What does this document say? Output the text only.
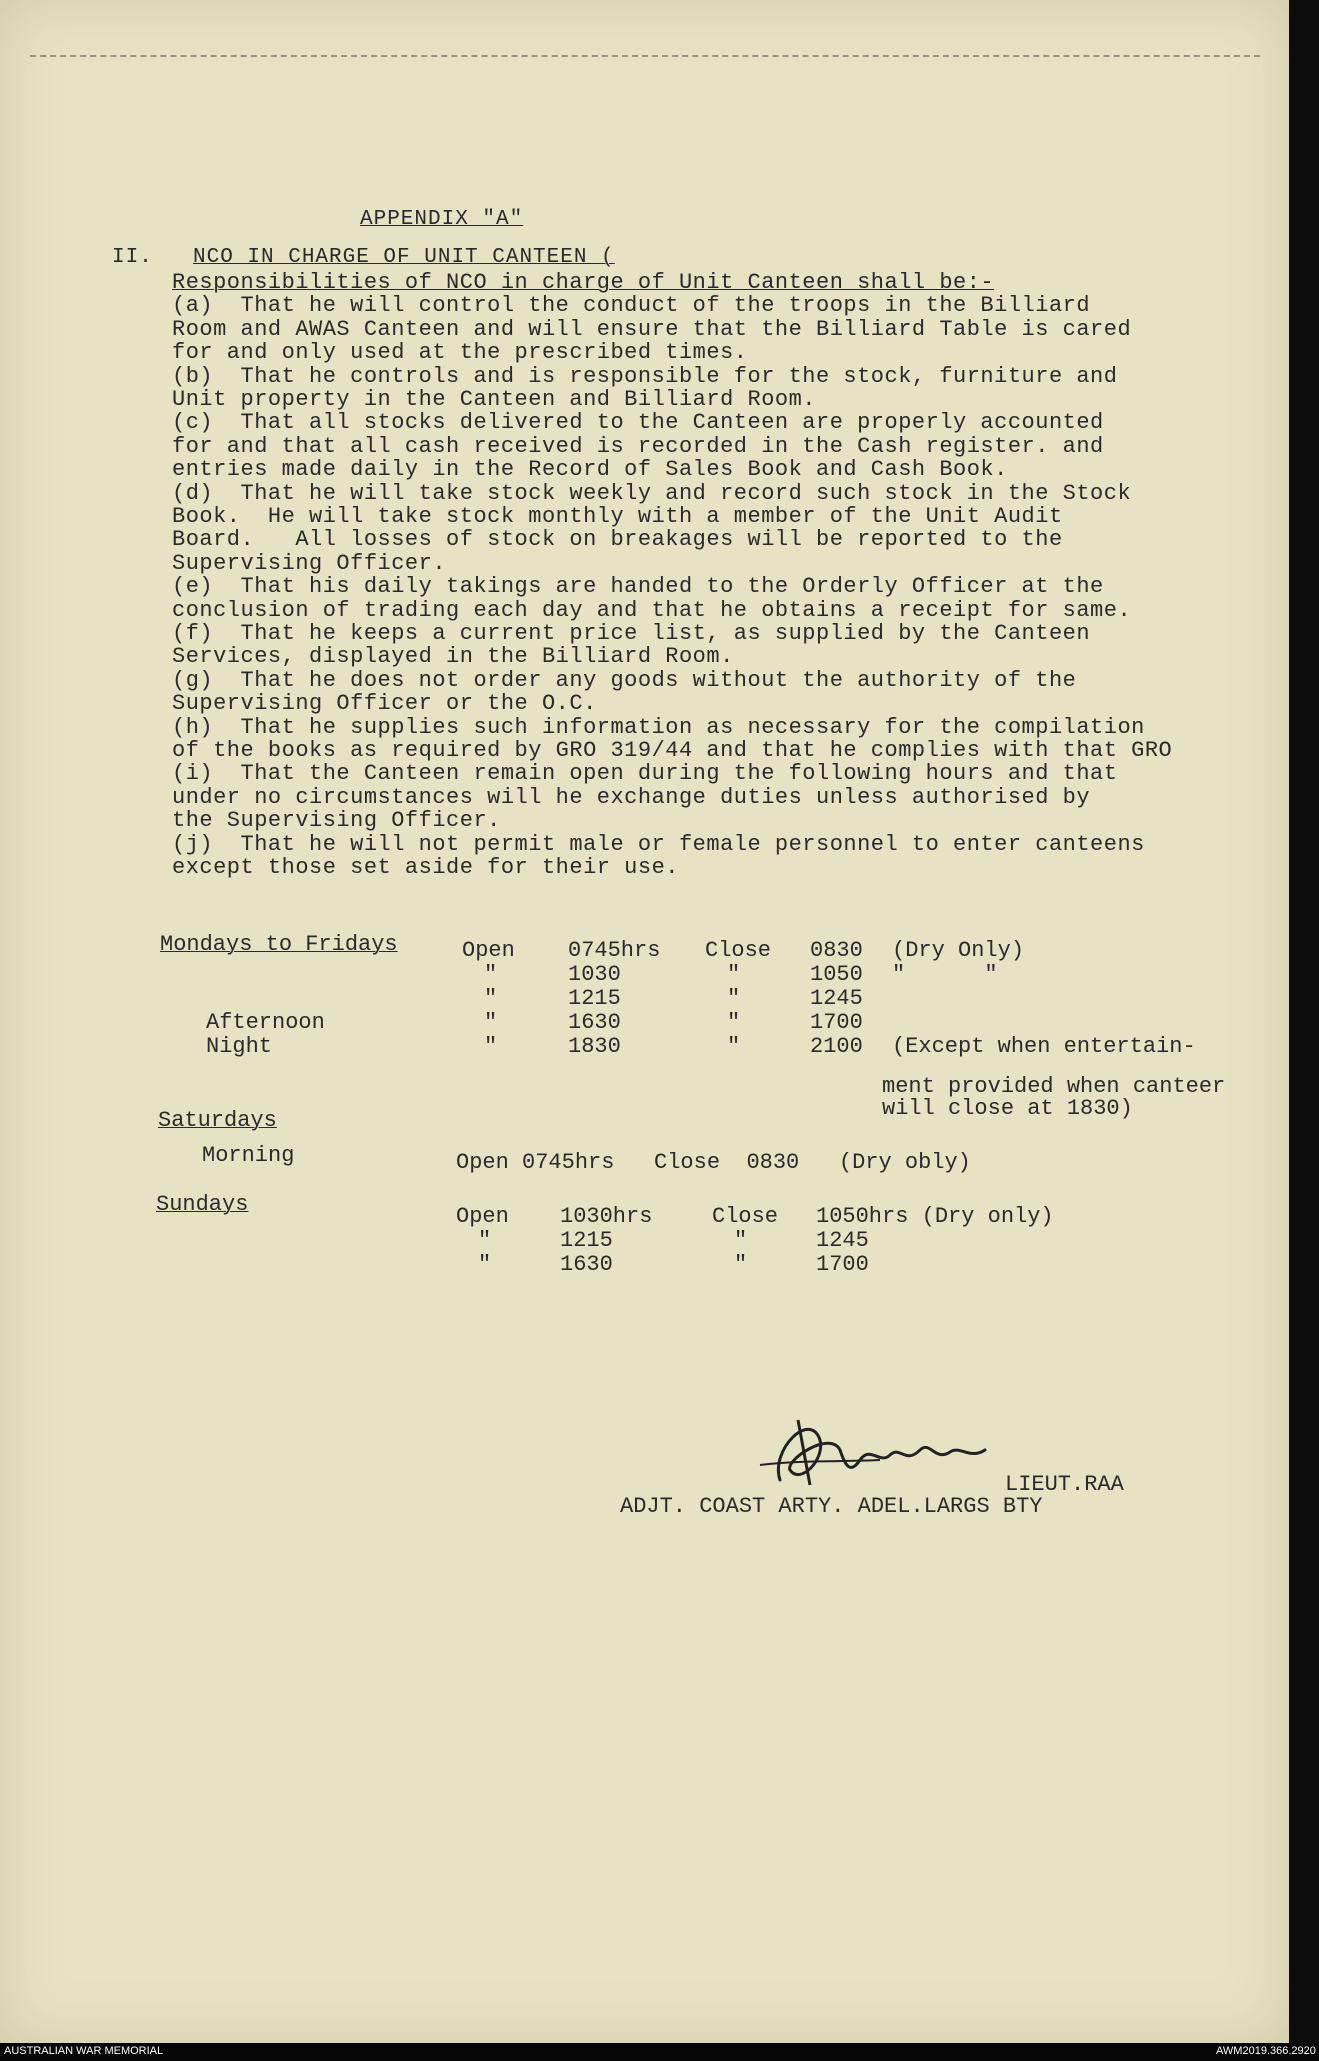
APPENDIX "A"
II. NCO IN CHARGE OF UNIT CANTEEN (
Responsibilities of NCO in charge of Unit Canteen shall be:-
(a)  That he will control the conduct of the troops in the Billiard
Room and AWAS Canteen and will ensure that the Billiard Table is cared
for and only used at the prescribed times.
(b)  That he controls and is responsible for the stock, furniture and
Unit property in the Canteen and Billiard Room.
(c)  That all stocks delivered to the Canteen are properly accounted
for and that all cash received is recorded in the Cash register. and
entries made daily in the Record of Sales Book and Cash Book.
(d)  That he will take stock weekly and record such stock in the Stock
Book.  He will take stock monthly with a member of the Unit Audit
Board.   All losses of stock on breakages will be reported to the
Supervising Officer.
(e)  That his daily takings are handed to the Orderly Officer at the
conclusion of trading each day and that he obtains a receipt for same.
(f)  That he keeps a current price list, as supplied by the Canteen
Services, displayed in the Billiard Room.
(g)  That he does not order any goods without the authority of the
Supervising Officer or the O.C.
(h)  That he supplies such information as necessary for the compilation
of the books as required by GRO 319/44 and that he complies with that GRO
(i)  That the Canteen remain open during the following hours and that
under no circumstances will he exchange duties unless authorised by
the Supervising Officer.
(j)  That he will not permit male or female personnel to enter canteens
except those set aside for their use.
Mondays to Fridays	Open 0745hrs Close 0830 (Dry Only)
"	1030	"	1050 "      "
"	1215	"	1245
Afternoon	"	1630	"	1700
Night	"	1830	"	2100 (Except when entertain-
ment provided when canteer
will close at 1830)
Saturdays
Morning	Open 0745hrs   Close  0830   (Dry obly)
Sundays	Open 1030hrs	Close 1050hrs (Dry only)
"	1215	"	1245
"	1630	"	1700
LIEUT.RAA
ADJT. COAST ARTY. ADEL.LARGS BTY
AUSTRALIAN WAR MEMORIAL	AWM2019.366.2920
